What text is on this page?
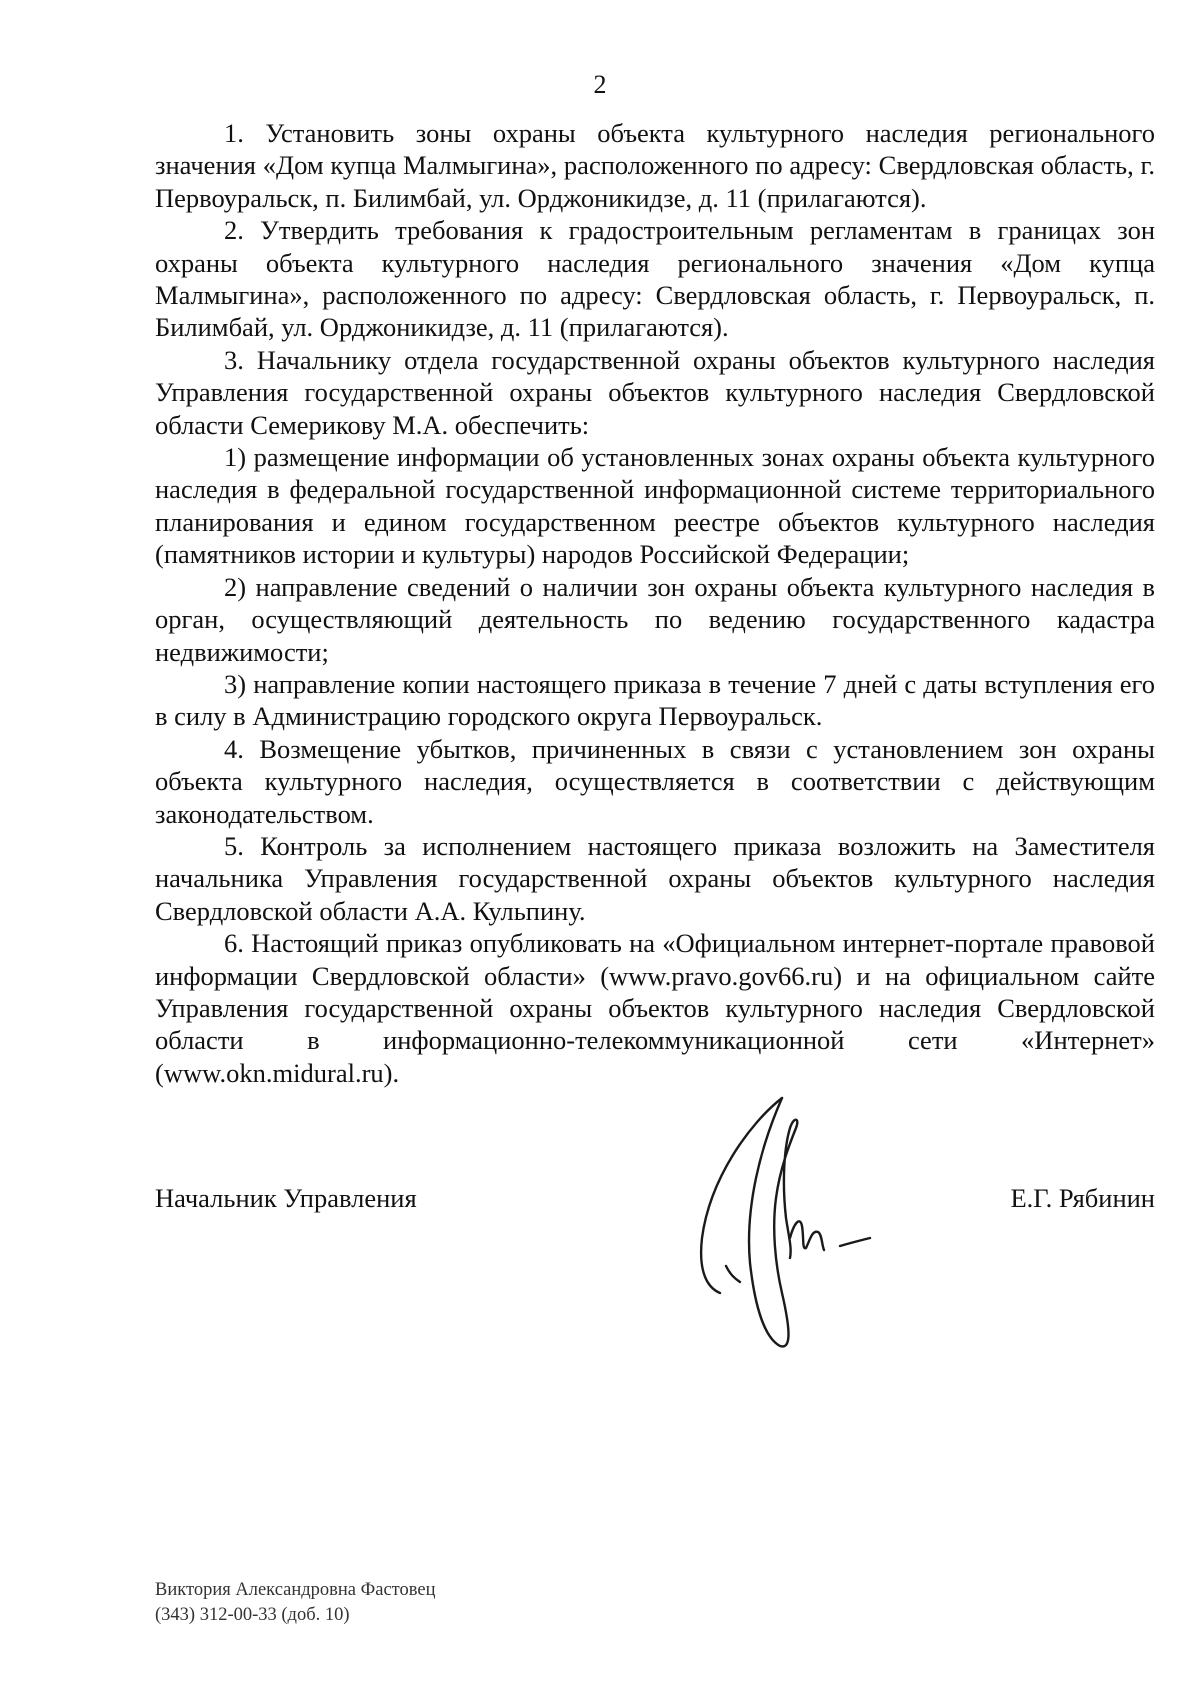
2

1. Установить зоны охраны объекта культурного наследия регионального значения «Дом купца Малмыгина», расположенного по адресу: Свердловская область, г. Первоуральск, п. Билимбай, ул. Орджоникидзе, д. 11 (прилагаются).

2. Утвердить требования к градостроительным регламентам в границах зон охраны объекта культурного наследия регионального значения «Дом купца Малмыгина», расположенного по адресу: Свердловская область, г. Первоуральск, п. Билимбай, ул. Орджоникидзе, д. 11 (прилагаются).

3. Начальнику отдела государственной охраны объектов культурного наследия Управления государственной охраны объектов культурного наследия Свердловской области Семерикову М.А. обеспечить:

1) размещение информации об установленных зонах охраны объекта культурного наследия в федеральной государственной информационной системе территориального планирования и едином государственном реестре объектов культурного наследия (памятников истории и культуры) народов Российской Федерации;

2) направление сведений о наличии зон охраны объекта культурного наследия в орган, осуществляющий деятельность по ведению государственного кадастра недвижимости;

3) направление копии настоящего приказа в течение 7 дней с даты вступления его в силу в Администрацию городского округа Первоуральск.

4. Возмещение убытков, причиненных в связи с установлением зон охраны объекта культурного наследия, осуществляется в соответствии с действующим законодательством.

5. Контроль за исполнением настоящего приказа возложить на Заместителя начальника Управления государственной охраны объектов культурного наследия Свердловской области А.А. Кульпину.

6. Настоящий приказ опубликовать на «Официальном интернет-портале правовой информации Свердловской области» (www.pravo.gov66.ru) и на официальном сайте Управления государственной охраны объектов культурного наследия Свердловской области в информационно-телекоммуникационной сети «Интернет» (www.okn.midural.ru).

Начальник Управления	Е.Г. Рябинин
Виктория Александровна Фастовец
(343) 312-00-33 (доб. 10)
